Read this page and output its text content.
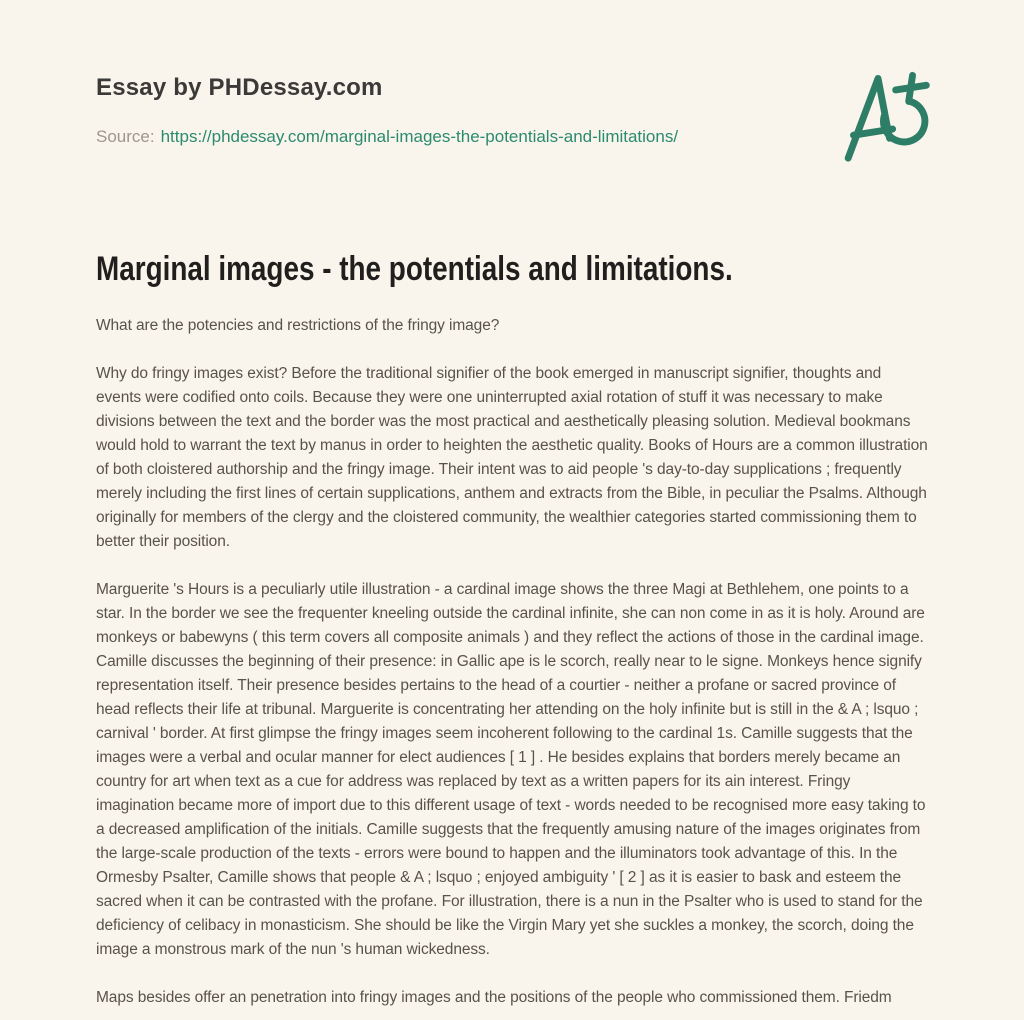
Essay by PHDessay.com
Source: https://phdessay.com/marginal-images-the-potentials-and-limitations/
Marginal images - the potentials and limitations.

What are the potencies and restrictions of the fringy image?

Why do fringy images exist? Before the traditional signifier of the book emerged in manuscript signifier, thoughts and events were codified onto coils. Because they were one uninterrupted axial rotation of stuff it was necessary to make divisions between the text and the border was the most practical and aesthetically pleasing solution. Medieval bookmans would hold to warrant the text by manus in order to heighten the aesthetic quality. Books of Hours are a common illustration of both cloistered authorship and the fringy image. Their intent was to aid people 's day-to-day supplications ; frequently merely including the first lines of certain supplications, anthem and extracts from the Bible, in peculiar the Psalms. Although originally for members of the clergy and the cloistered community, the wealthier categories started commissioning them to better their position.

Marguerite 's Hours is a peculiarly utile illustration - a cardinal image shows the three Magi at Bethlehem, one points to a star. In the border we see the frequenter kneeling outside the cardinal infinite, she can non come in as it is holy. Around are monkeys or babewyns ( this term covers all composite animals ) and they reflect the actions of those in the cardinal image. Camille discusses the beginning of their presence: in Gallic ape is le scorch, really near to le signe. Monkeys hence signify representation itself. Their presence besides pertains to the head of a courtier - neither a profane or sacred province of head reflects their life at tribunal. Marguerite is concentrating her attending on the holy infinite but is still in the & A ; lsquo ; carnival ' border. At first glimpse the fringy images seem incoherent following to the cardinal 1s. Camille suggests that the images were a verbal and ocular manner for elect audiences [ 1 ] . He besides explains that borders merely became an country for art when text as a cue for address was replaced by text as a written papers for its ain interest. Fringy imagination became more of import due to this different usage of text - words needed to be recognised more easy taking to a decreased amplification of the initials. Camille suggests that the frequently amusing nature of the images originates from the large-scale production of the texts - errors were bound to happen and the illuminators took advantage of this. In the Ormesby Psalter, Camille shows that people & A ; lsquo ; enjoyed ambiguity ' [ 2 ] as it is easier to bask and esteem the sacred when it can be contrasted with the profane. For illustration, there is a nun in the Psalter who is used to stand for the deficiency of celibacy in monasticism. She should be like the Virgin Mary yet she suckles a monkey, the scorch, doing the image a monstrous mark of the nun 's human wickedness.

Maps besides offer an penetration into fringy images and the positions of the people who commissioned them. Friedm
